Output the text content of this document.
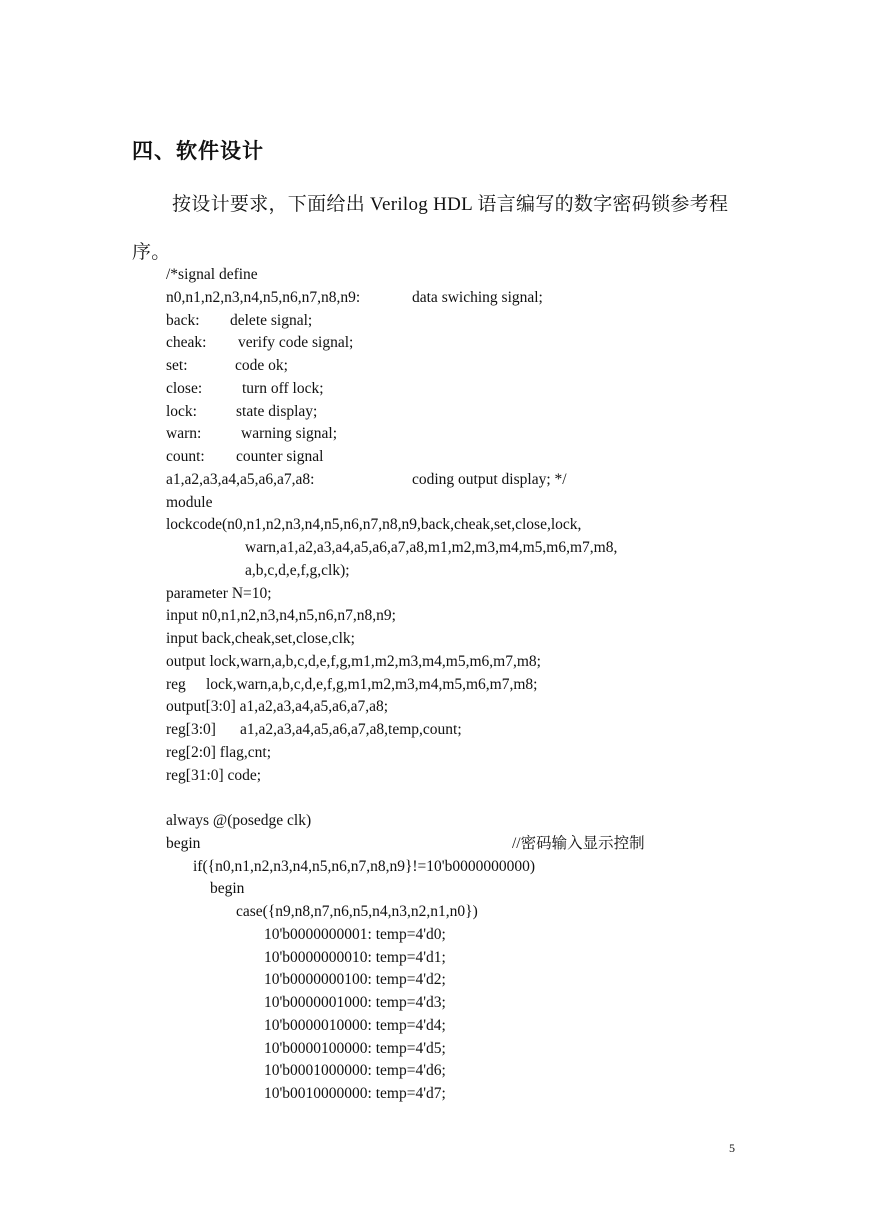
四、软件设计
按设计要求，下面给出 Verilog HDL 语言编写的数字密码锁参考程序。
/*signal define
n0,n1,n2,n3,n4,n5,n6,n7,n8,n9:	data swiching signal;
back: delete signal;
cheak: verify code signal;
set:	code ok;
close:	turn off lock;
lock:	state display;
warn:	warning signal;
count: counter signal
a1,a2,a3,a4,a5,a6,a7,a8:	coding output display; */
module
lockcode(n0,n1,n2,n3,n4,n5,n6,n7,n8,n9,back,cheak,set,close,lock,
warn,a1,a2,a3,a4,a5,a6,a7,a8,m1,m2,m3,m4,m5,m6,m7,m8,
a,b,c,d,e,f,g,clk);
parameter N=10;
input n0,n1,n2,n3,n4,n5,n6,n7,n8,n9;
input back,cheak,set,close,clk;
output lock,warn,a,b,c,d,e,f,g,m1,m2,m3,m4,m5,m6,m7,m8;
reg lock,warn,a,b,c,d,e,f,g,m1,m2,m3,m4,m5,m6,m7,m8;
output[3:0] a1,a2,a3,a4,a5,a6,a7,a8;
reg[3:0] a1,a2,a3,a4,a5,a6,a7,a8,temp,count;
reg[2:0] flag,cnt;
reg[31:0] code;
always @(posedge clk)
begin	//密码输入显示控制
if({n0,n1,n2,n3,n4,n5,n6,n7,n8,n9}!=10'b0000000000)
begin
case({n9,n8,n7,n6,n5,n4,n3,n2,n1,n0})
10'b0000000001: temp=4'd0;
10'b0000000010: temp=4'd1;
10'b0000000100: temp=4'd2;
10'b0000001000: temp=4'd3;
10'b0000010000: temp=4'd4;
10'b0000100000: temp=4'd5;
10'b0001000000: temp=4'd6;
10'b0010000000: temp=4'd7;
5
